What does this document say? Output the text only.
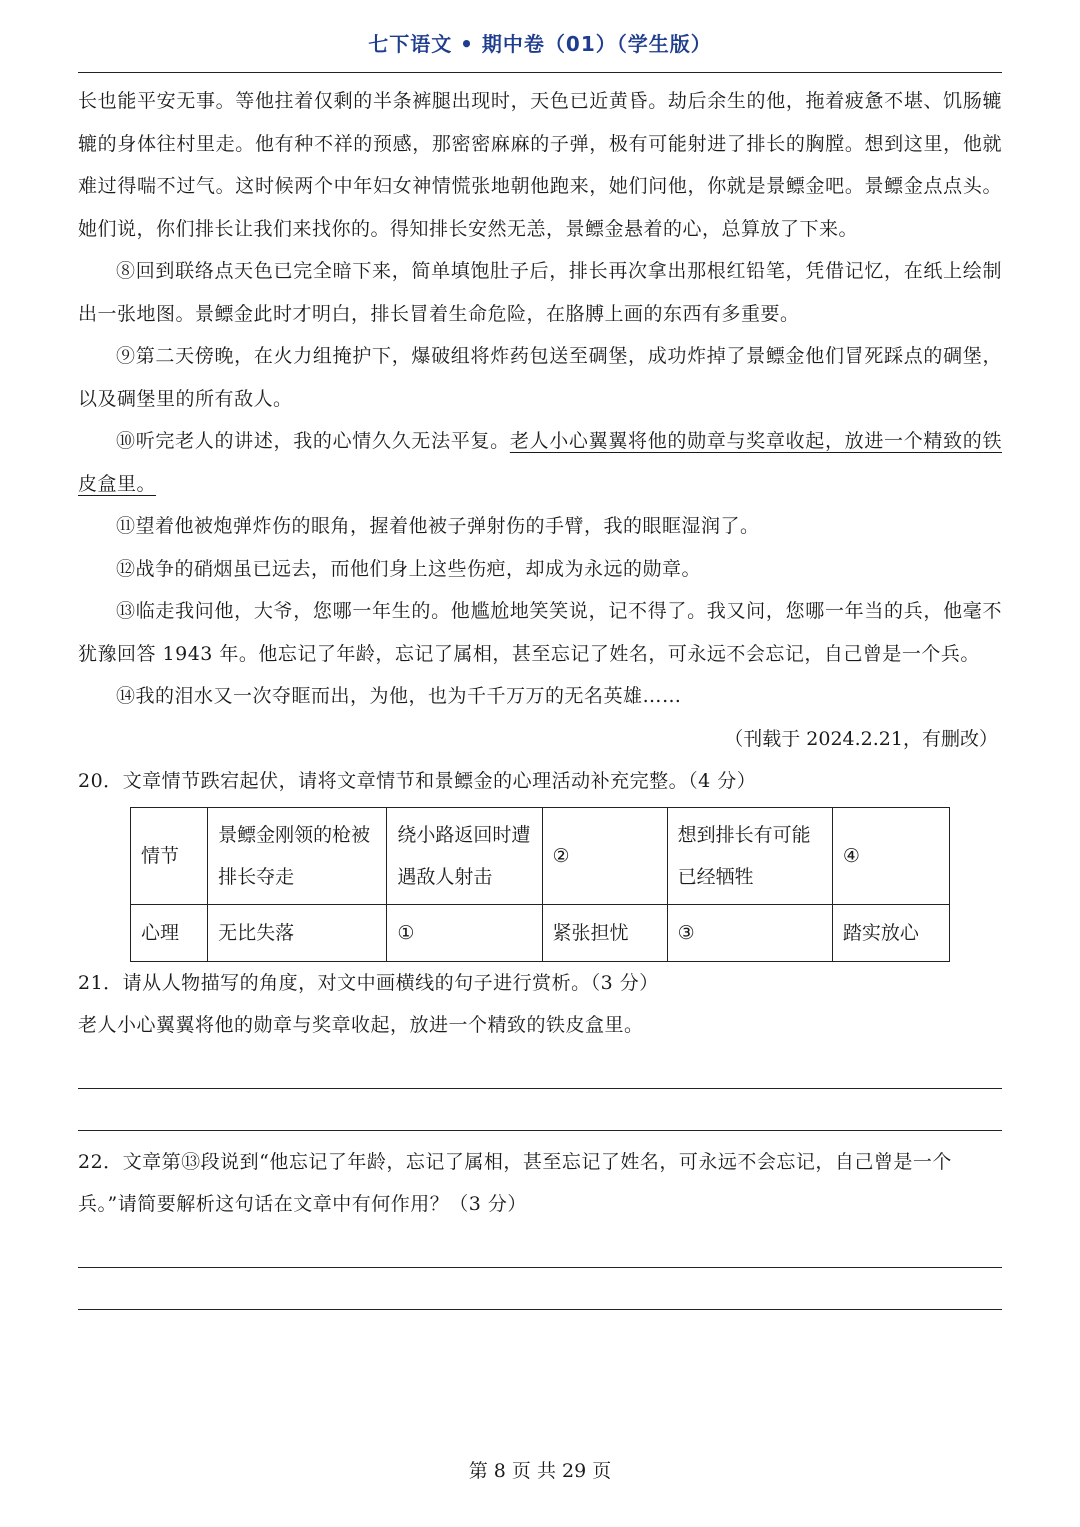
七下语文 • 期中卷（01）（学生版）

长也能平安无事。等他拄着仅剩的半条裤腿出现时，天色已近黄昏。劫后余生的他，拖着疲惫不堪、饥肠辘辘的身体往村里走。他有种不祥的预感，那密密麻麻的子弹，极有可能射进了排长的胸膛。想到这里，他就难过得喘不过气。这时候两个中年妇女神情慌张地朝他跑来，她们问他，你就是景鳔金吧。景鳔金点点头。她们说，你们排长让我们来找你的。得知排长安然无恙，景鳔金悬着的心，总算放了下来。

⑧回到联络点天色已完全暗下来，简单填饱肚子后，排长再次拿出那根红铅笔，凭借记忆，在纸上绘制出一张地图。景鳔金此时才明白，排长冒着生命危险，在胳膊上画的东西有多重要。

⑨第二天傍晚，在火力组掩护下，爆破组将炸药包送至碉堡，成功炸掉了景鳔金他们冒死踩点的碉堡，以及碉堡里的所有敌人。

⑩听完老人的讲述，我的心情久久无法平复。老人小心翼翼将他的勋章与奖章收起，放进一个精致的铁皮盒里。

⑪望着他被炮弹炸伤的眼角，握着他被子弹射伤的手臂，我的眼眶湿润了。

⑫战争的硝烟虽已远去，而他们身上这些伤疤，却成为永远的勋章。

⑬临走我问他，大爷，您哪一年生的。他尴尬地笑笑说，记不得了。我又问，您哪一年当的兵，他毫不犹豫回答 1943 年。他忘记了年龄，忘记了属相，甚至忘记了姓名，可永远不会忘记，自己曾是一个兵。

⑭我的泪水又一次夺眶而出，为他，也为千千万万的无名英雄……

（刊载于 2024.2.21，有删改）

20．文章情节跌宕起伏，请将文章情节和景鳔金的心理活动补充完整。（4 分）

情节	景鳔金刚领的枪被排长夺走	绕小路返回时遭遇敌人射击	②	想到排长有可能已经牺牲	④
心理	无比失落	①	紧张担忧	③	踏实放心

21．请从人物描写的角度，对文中画横线的句子进行赏析。（3 分）

老人小心翼翼将他的勋章与奖章收起，放进一个精致的铁皮盒里。

22．文章第⑬段说到“他忘记了年龄，忘记了属相，甚至忘记了姓名，可永远不会忘记，自己曾是一个兵。”请简要解析这句话在文章中有何作用？（3 分）

第 8 页 共 29 页
